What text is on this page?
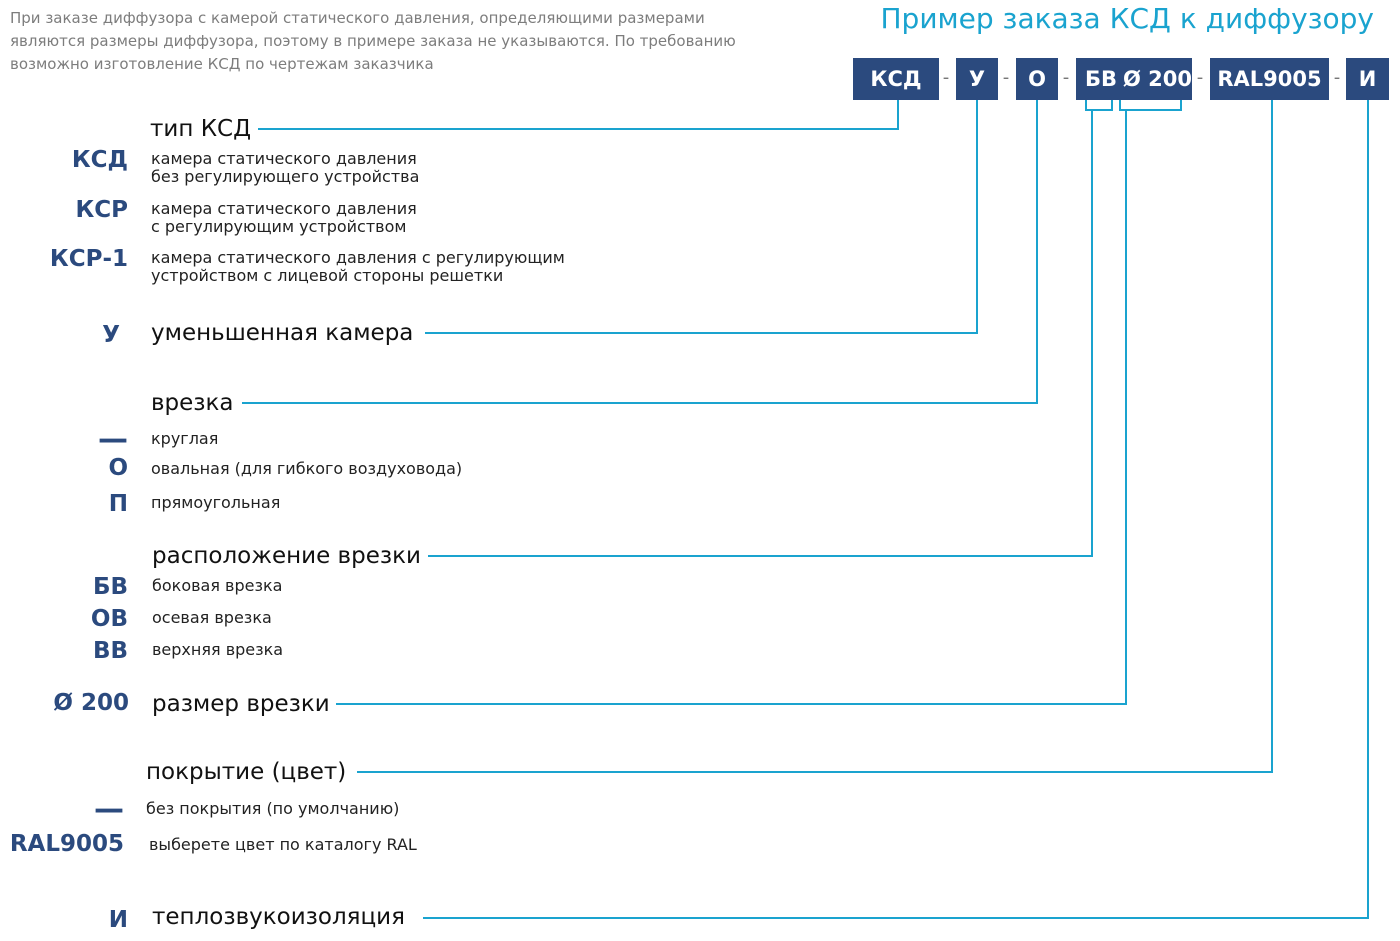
При заказе диффузора с камерой статического давления, определяющими размерами
являются размеры диффузора, поэтому в примере заказа не указываются. По требованию
возможно изготовление КСД по чертежам заказчика
Пример заказа КСД к диффузору
КСД	- У - О - БВ Ø 200 - RAL9005 - И
тип КСД
КСД камера статического давления
без регулирующего устройства
КСР камера статического давления
с регулирующим устройством
КСР-1 камера статического давления с регулирующим
устройством с лицевой стороны решетки
У уменьшенная камера
врезка
— круглая
О овальная (для гибкого воздуховода)
П прямоугольная
расположение врезки
БВ боковая врезка
ОВ осевая врезка
ВВ верхняя врезка
Ø 200 размер врезки
покрытие (цвет)
— без покрытия (по умолчанию)
RAL9005 выберете цвет по каталогу RAL
И теплозвукоизоляция
